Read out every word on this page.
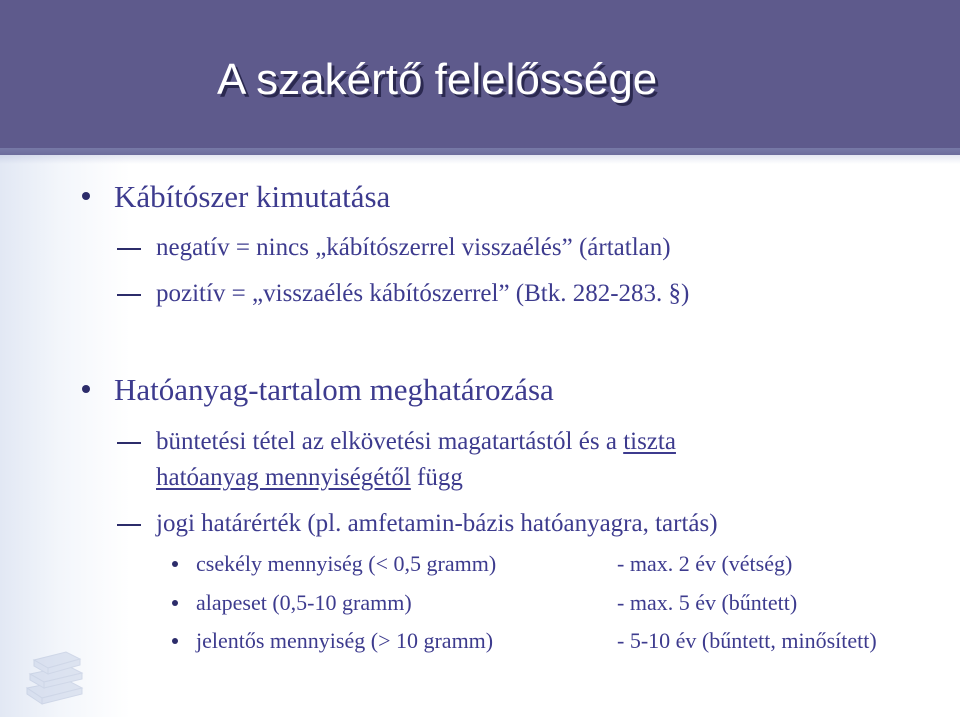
A szakértő felelőssége
Kábítószer kimutatása
negatív = nincs „kábítószerrel visszaélés” (ártatlan)
pozitív = „visszaélés kábítószerrel” (Btk. 282-283. §)
Hatóanyag-tartalom meghatározása
büntetési tétel az elkövetési magatartástól és a tiszta
hatóanyag mennyiségétől függ
jogi határérték (pl. amfetamin-bázis hatóanyagra, tartás)
csekély mennyiség (< 0,5 gramm)	- max. 2 év (vétség)
alapeset (0,5-10 gramm)	- max. 5 év (bűntett)
jelentős mennyiség (> 10 gramm)	- 5-10 év (bűntett, minősített)
